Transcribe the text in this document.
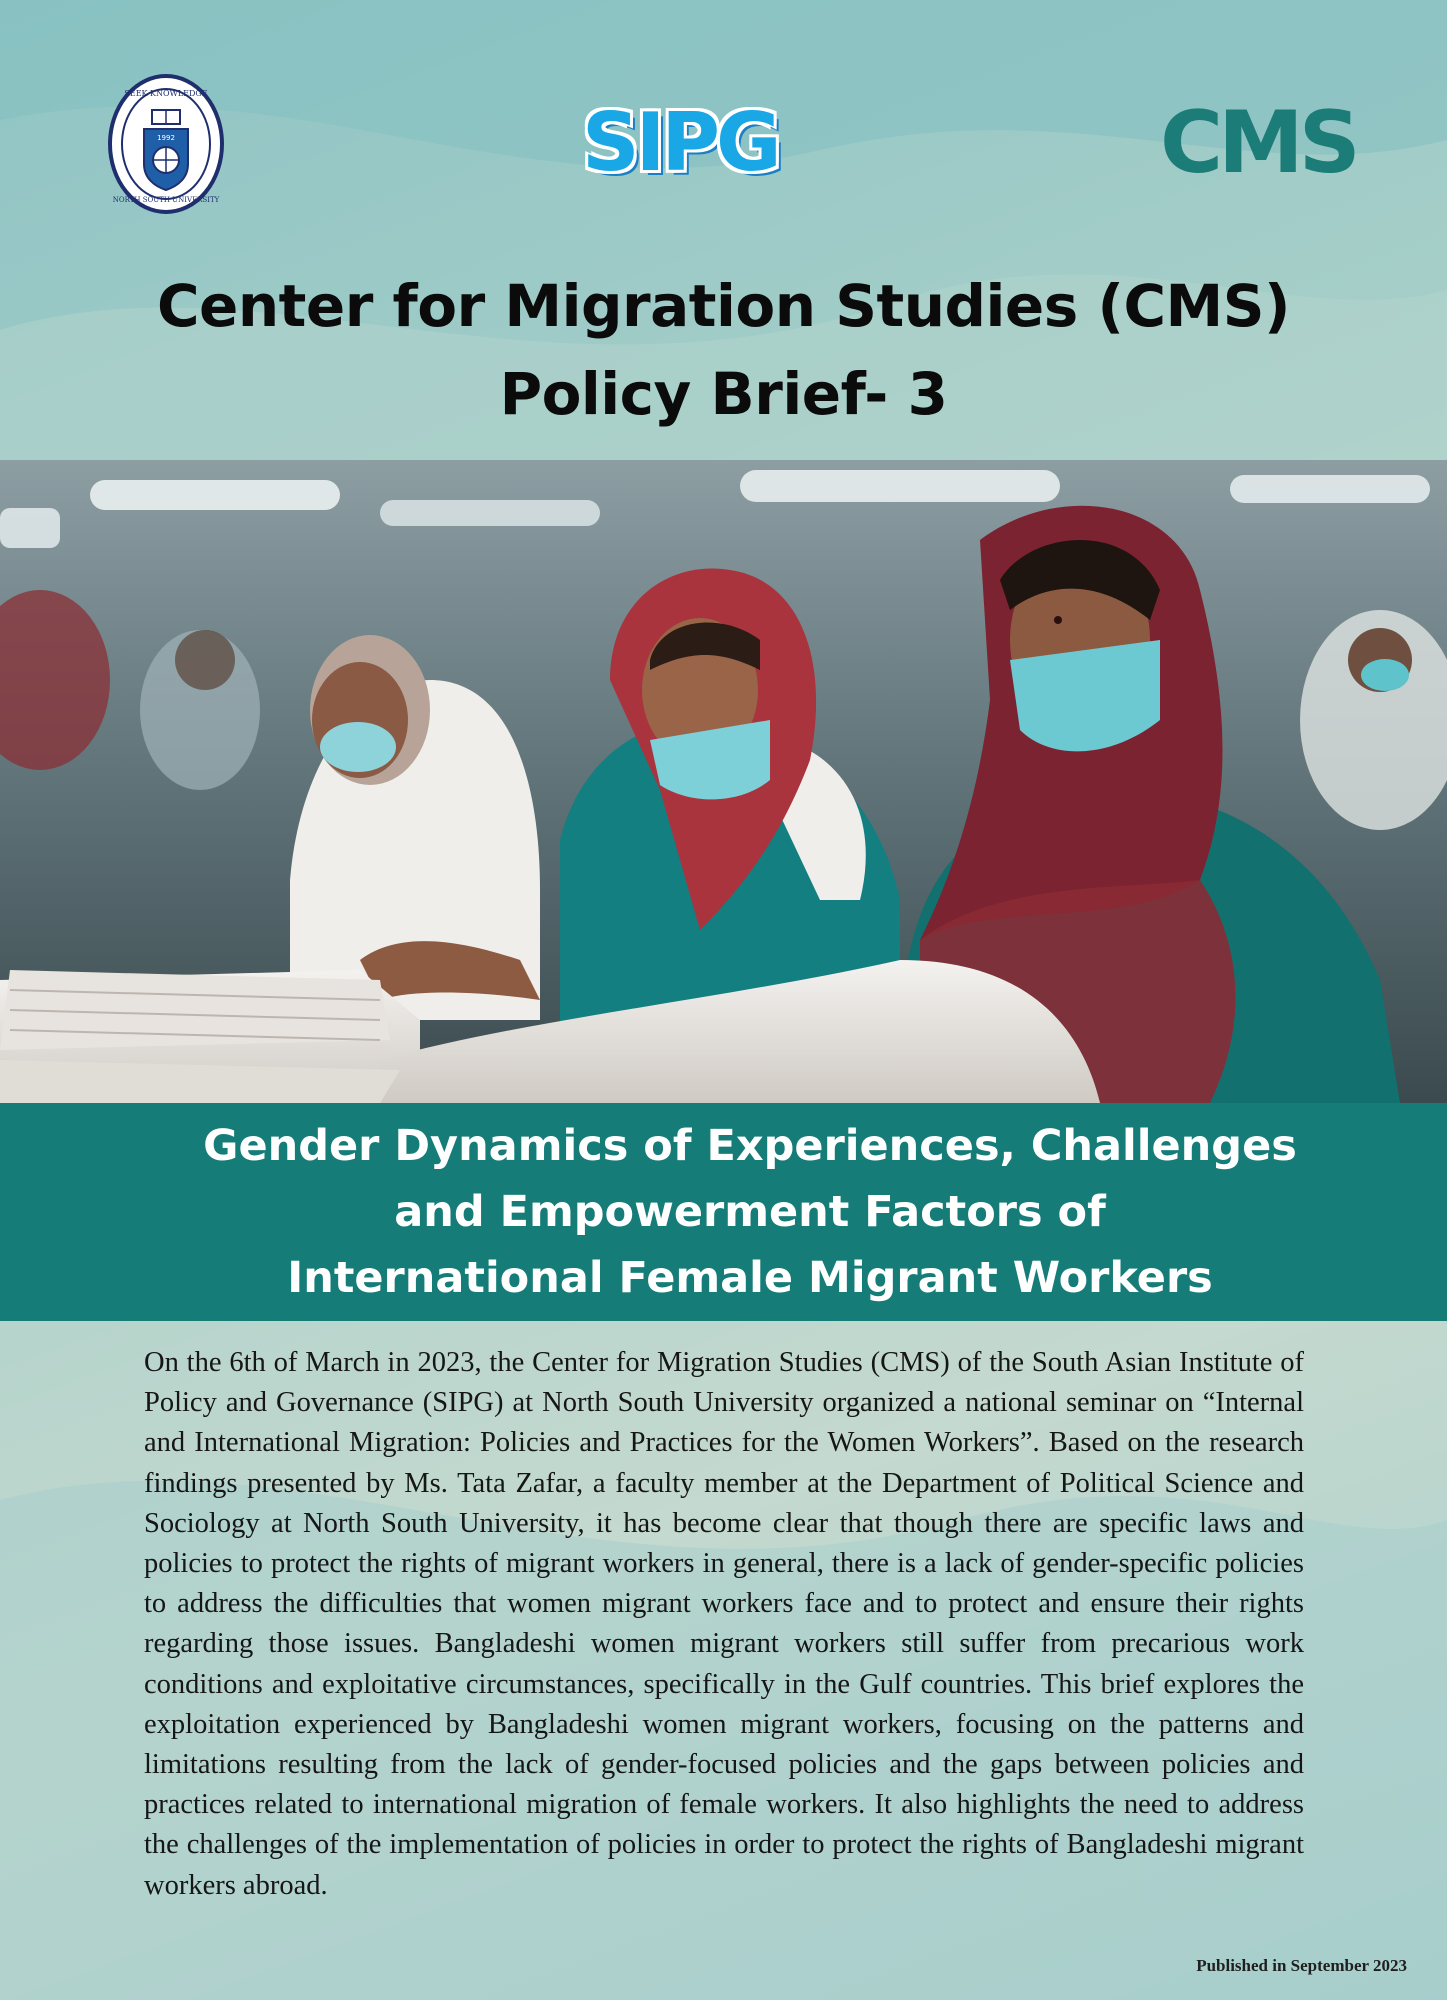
1992
SEEK KNOWLEDGE
NORTH SOUTH UNIVERSITY
SIPG	CMS
Center for Migration Studies (CMS)
Policy Brief- 3
Gender Dynamics of Experiences, Challenges
and Empowerment Factors of
International Female Migrant Workers

On the 6th of March in 2023, the Center for Migration Studies (CMS) of the South Asian Institute of Policy and Governance (SIPG) at North South University organized a national seminar on “Internal and International Migration: Policies and Practices for the Women Workers”. Based on the research findings presented by Ms. Tata Zafar, a faculty member at the Department of Political Science and Sociology at North South University, it has become clear that though there are specific laws and policies to protect the rights of migrant workers in general, there is a lack of gender-specific policies to address the difficulties that women migrant workers face and to protect and ensure their rights regarding those issues. Bangladeshi women migrant workers still suffer from precarious work conditions and exploitative circumstances, specifically in the Gulf countries. This brief explores the exploitation experienced by Bangladeshi women migrant workers, focusing on the patterns and limitations resulting from the lack of gender-focused policies and the gaps between policies and practices related to international migration of female workers. It also highlights the need to address the challenges of the implementation of policies in order to protect the rights of Bangladeshi migrant workers abroad.

Published in September 2023
